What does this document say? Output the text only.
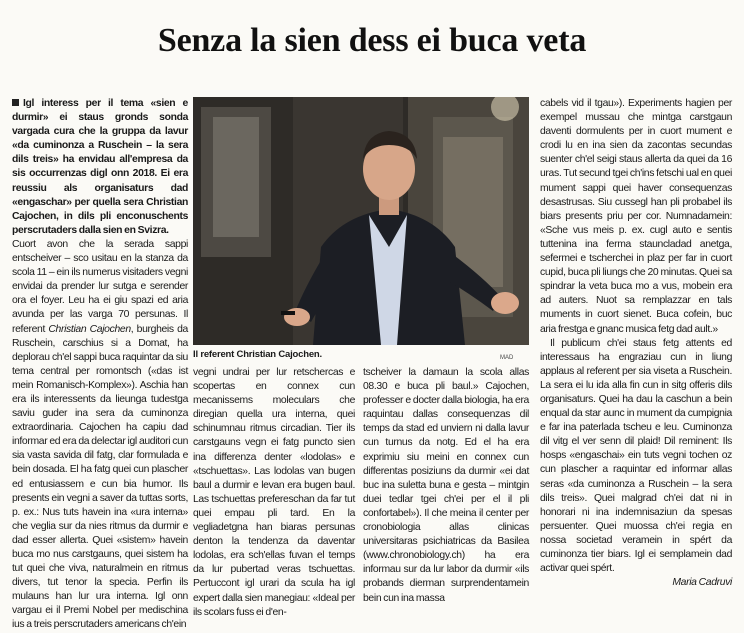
Senza la sien dess ei buca veta

Igl interess per il tema «sien e durmir» ei staus gronds sonda vargada cura che la gruppa da lavur «da cuminonza a Ruschein – la sera dils treis» ha envidau all'empresa da sis occurrenzas digl onn 2018. Ei era reussiu als organisaturs dad «engaschar» per quella sera Christian Cajochen, in dils pli enconuschents perscrutaders dalla sien en Svizra.

Cuort avon che la serada sappi entscheiver – sco usitau en la stanza da scola 11 – ein ils numerus visitaders vegni envidai da prender lur sutga e serender ora el foyer. Leu ha ei giu spazi ed aria avunda per las varga 70 persunas. Il referent Christian Cajochen, burgheis da Ruschein, carschius si a Domat, ha deplorau ch'el sappi buca raquintar da siu tema central per romontsch («das ist mein Romanisch-Komplex»). Aschia han era ils interessents da lieunga tudestga saviu guder ina sera da cuminonza extraordinaria. Cajochen ha capiu dad informar ed era da delectar igl auditori cun sia vasta savida dil fatg, clar formulada e bein dosada. El ha fatg quei cun plascher ed entusiassem e cun bia humor. Ils presents ein vegni a saver da tuttas sorts, p. ex.: Nus tuts havein ina «ura interna» che veglia sur da nies ritmus da durmir e dad esser allerta. Quei «sistem» havein buca mo nus carstgauns, quei sistem ha tut quei che viva, naturalmein en ritmus divers, tut tenor la specia. Perfin ils mulauns han lur ura interna. Igl onn vargau ei il Premi Nobel per medischina ius a treis perscrutaders americans ch'ein

Il referent Christian Cajochen.	MAD

vegni undrai per lur retschercas e scopertas en connex cun mecanissems moleculars che diregian quella ura interna, quei schinumnau ritmus circadian. Tier ils carstgauns vegn ei fatg puncto sien ina differenza denter «lodolas» e «tschuettas». Las lodolas van bugen baul a durmir e levan era bugen baul. Las tschuettas prefereschan da far tut quei empau pli tard. En la vegliadetgna han biaras persunas denton la tendenza da daventar lodolas, era sch'ellas fuvan el temps da lur pubertad veras tschuettas. Pertuccont igl urari da scula ha igl expert dalla sien manegiau: «Ideal per ils scolars fuss ei d'en-

tscheiver la damaun la scola allas 08.30 e buca pli baul.» Cajochen, professer e docter dalla biologia, ha era raquintau dallas consequenzas dil temps da stad ed unviern ni dalla lavur cun turnus da notg. Ed el ha era exprimiu siu meini en connex cun differentas posiziuns da durmir «ei dat buc ina suletta buna e gesta – mintgin duei tedlar tgei ch'ei per el il pli confortabel»). Il che meina il center per cronobiologia allas clinicas universitaras psichiatricas da Basilea (www.chronobiology.ch) ha era informau sur da lur labor da durmir «ils probands dierman surprendentamein bein cun ina massa

cabels vid il tgau»). Experiments hagien per exempel mussau che mintga carstgaun daventi dormulents per in cuort mument e crodi lu en ina sien da zacontas secundas suenter ch'el seigi staus allerta da quei da 16 uras. Tut secund tgei ch'ins fetschi ual en quei mument sappi quei haver consequenzas desastrusas. Siu cussegl han pli probabel ils biars presents priu per cor. Numnadamein: «Sche vus meis p. ex. cugl auto e sentis tuttenina ina ferma stauncladad anetga, sefermei e tscherchei in plaz per far in cuort cupid, buca pli liungs che 20 minutas. Quei sa spindrar la veta buca mo a vus, mobein era ad auters. Nuot sa remplazzar en tals muments in cuort sienet. Buca cofein, buc aria frestga e gnanc musica fetg dad ault.»

Il publicum ch'ei staus fetg attents ed interessaus ha engraziau cun in liung applaus al referent per sia viseta a Ruschein. La sera ei lu ida alla fin cun in sitg offeris dils organisaturs. Quei ha dau la caschun a bein enqual da star aunc in mument da cumpignia e far ina paterlada tscheu e leu. Cuminonza dil vitg el ver senn dil plaid! Dil reminent: Ils hosps «engaschai» ein tuts vegni tochen oz cun plascher a raquintar ed informar allas seras «da cuminonza a Ruschein – la sera dils treis». Quei malgrad ch'ei dat ni in honorari ni ina indemnisaziun da spesas persuenter. Quei muossa ch'ei regia en nossa societad veramein in spért da cuminonza tier biars. Igl ei semplamein dad activar quei spért.

Maria Cadruvi
